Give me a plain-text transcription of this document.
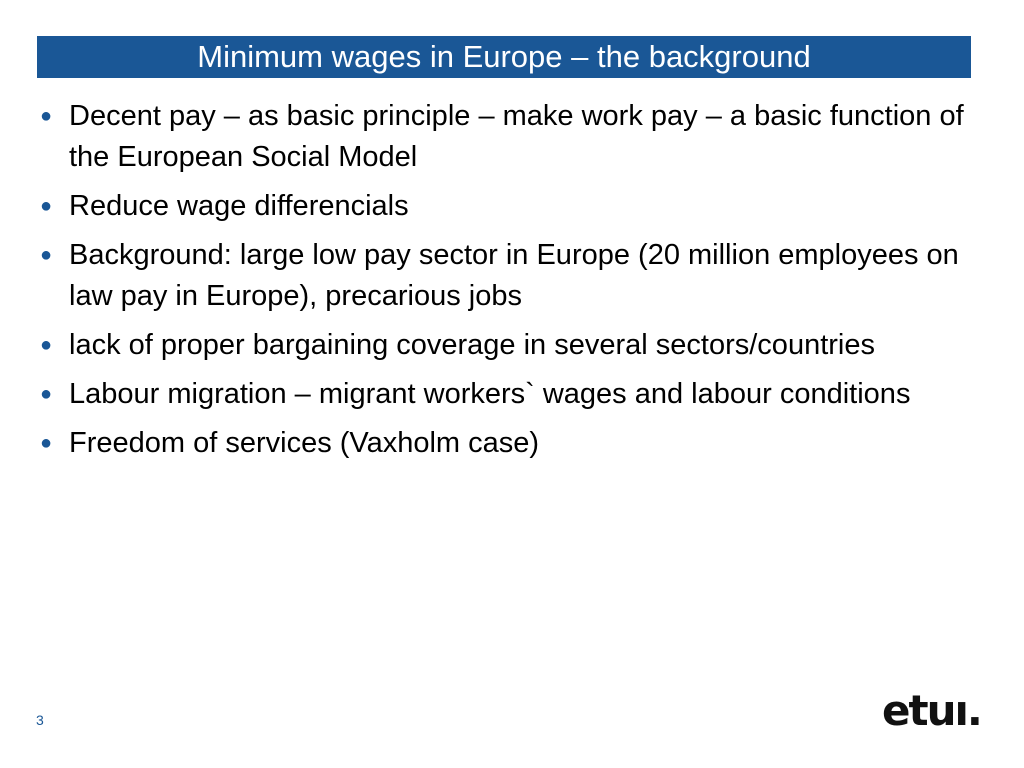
Minimum wages in Europe – the background
● Decent pay – as basic principle – make work pay – a basic function of the European Social Model
● Reduce wage differencials
● Background: large low pay sector in Europe (20 million employees on law pay in Europe), precarious jobs
● lack of proper bargaining coverage in several sectors/countries
● Labour migration – migrant workers` wages and labour conditions
● Freedom of services (Vaxholm case)
3	etuı.
